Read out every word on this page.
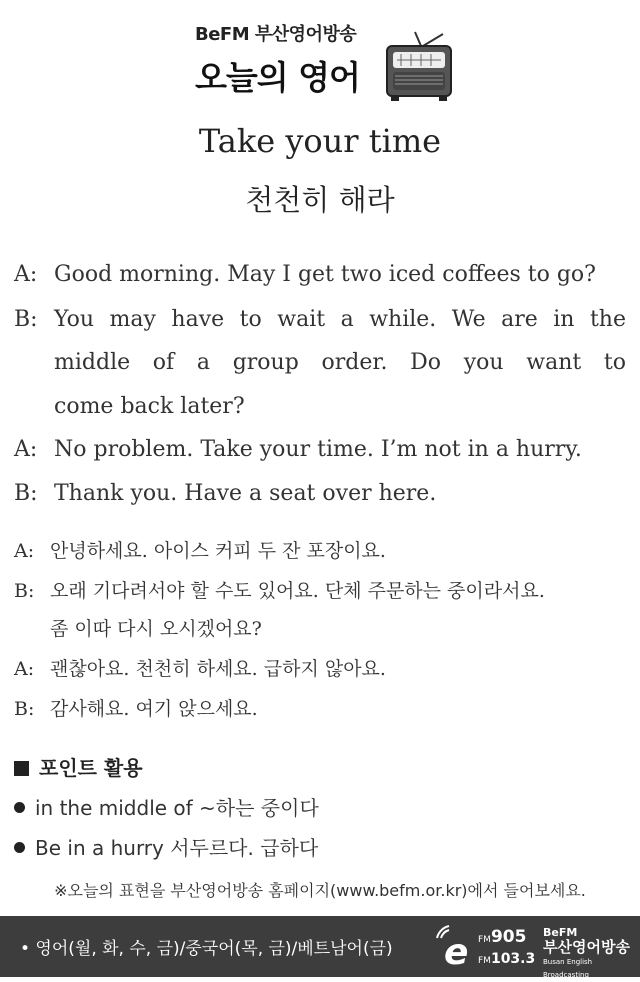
BeFM 부산영어방송
오늘의 영어
Take your time
천천히 해라
A: Good morning. May I get two iced coffees to go?
B: You may have to wait a while. We are in the
middle of a group order. Do you want to
come back later?
A: No problem. Take your time. I’m not in a hurry.
B: Thank you. Have a seat over here.
A: 안녕하세요. 아이스 커피 두 잔 포장이요.
B: 오래 기다려서야 할 수도 있어요. 단체 주문하는 중이라서요.
좀 이따 다시 오시겠어요?
A: 괜찮아요. 천천히 하세요. 급하지 않아요.
B: 감사해요. 여기 앉으세요.
포인트 활용
in the middle of ~하는 중이다
Be in a hurry 서두르다. 급하다
※오늘의 표현을 부산영어방송 홈페이지(www.befm.or.kr)에서 들어보세요.
• 영어(월, 화, 수, 금)/중국어(목, 금)/베트남어(금) e FM905
FM103.3
BeFM
부산영어방송
Busan English Broadcasting
